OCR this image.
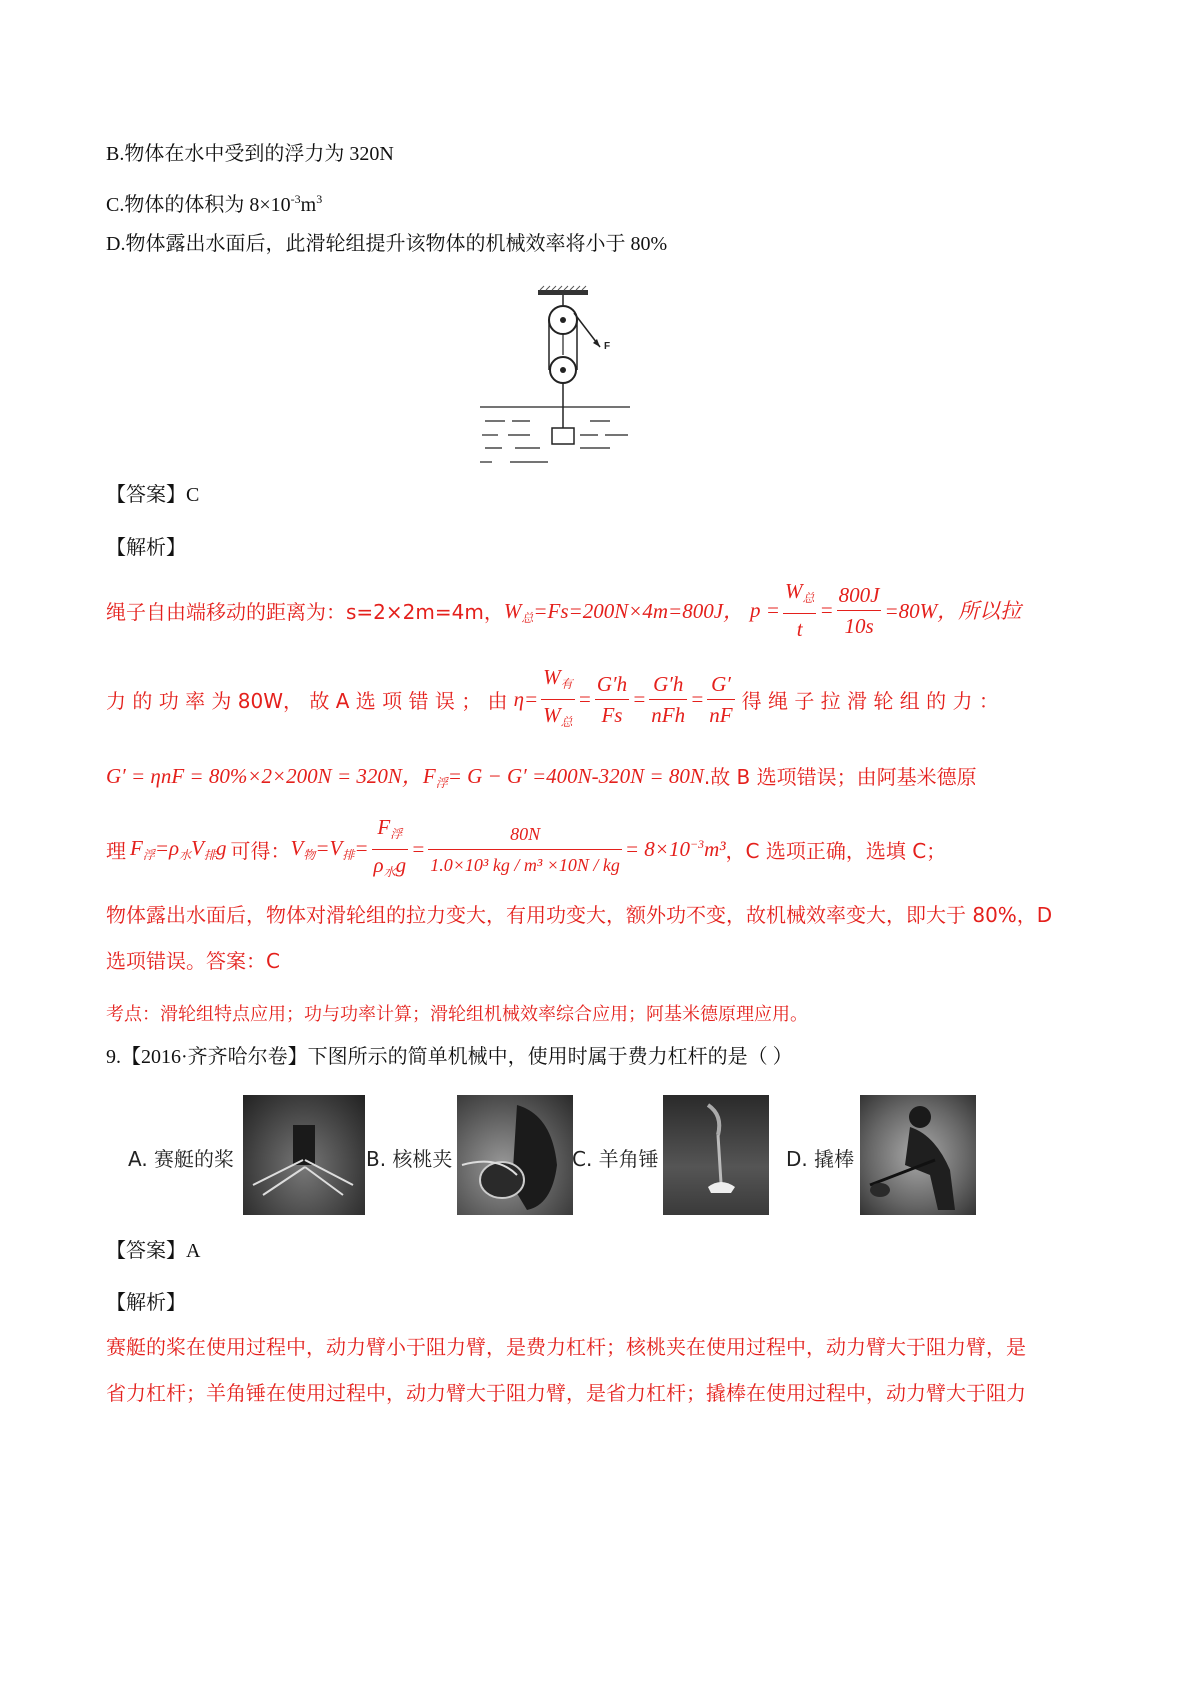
B.物体在水中受到的浮力为 320N
C.物体的体积为 $8\times 10^{-3}m^3$
D.物体露出水面后，此滑轮组提升该物体的机械效率将小于 80%
F
【答案】C
【解析】
绳子自由端移动的距离为：s=2×2m=4m， $W_总=Fs=200N\times 4m=800J$， $p = \frac{W_总}{t} = \frac{800J}{10s} =80W$，所以拉
力 的 功 率 为 80W， 故 A 选 项 错 误 ； 由 $\eta= \frac{W_有}{W_总} = \frac{G'h}{Fs} = \frac{G'h}{\text{nFh}} = \frac{G'}{nF}$ 得 绳 子 拉 滑 轮 组 的 力 ：
G′ = ηnF = 80%×2×200N = 320N，$F_浮= G - G' =400N-320N = 80N$ .故 B 选项错误；由阿基米德原
理 $F_浮=\rho_水V_排g$ 可得： $V_物=V_排= \frac{F_浮}{\rho_水g} = \frac{80N}{\text{1.0×10³ kg / m³ ×10N / kg}} = 8\times 10^{-3}m^3$ ，C 选项正确，选填 C；
物体露出水面后，物体对滑轮组的拉力变大，有用功变大，额外功不变，故机械效率变大，即大于 80%，D
选项错误。答案：C
考点：滑轮组特点应用；功与功率计算；滑轮组机械效率综合应用；阿基米德原理应用。
9.【2016·齐齐哈尔卷】下图所示的简单机械中，使用时属于费力杠杆的是（ ）
A. 赛艇的桨	B. 核桃夹	C. 羊角锤	D. 撬棒
【答案】A
【解析】
赛艇的桨在使用过程中，动力臂小于阻力臂，是费力杠杆；核桃夹在使用过程中，动力臂大于阻力臂，是
省力杠杆；羊角锤在使用过程中，动力臂大于阻力臂，是省力杠杆；撬棒在使用过程中，动力臂大于阻力
